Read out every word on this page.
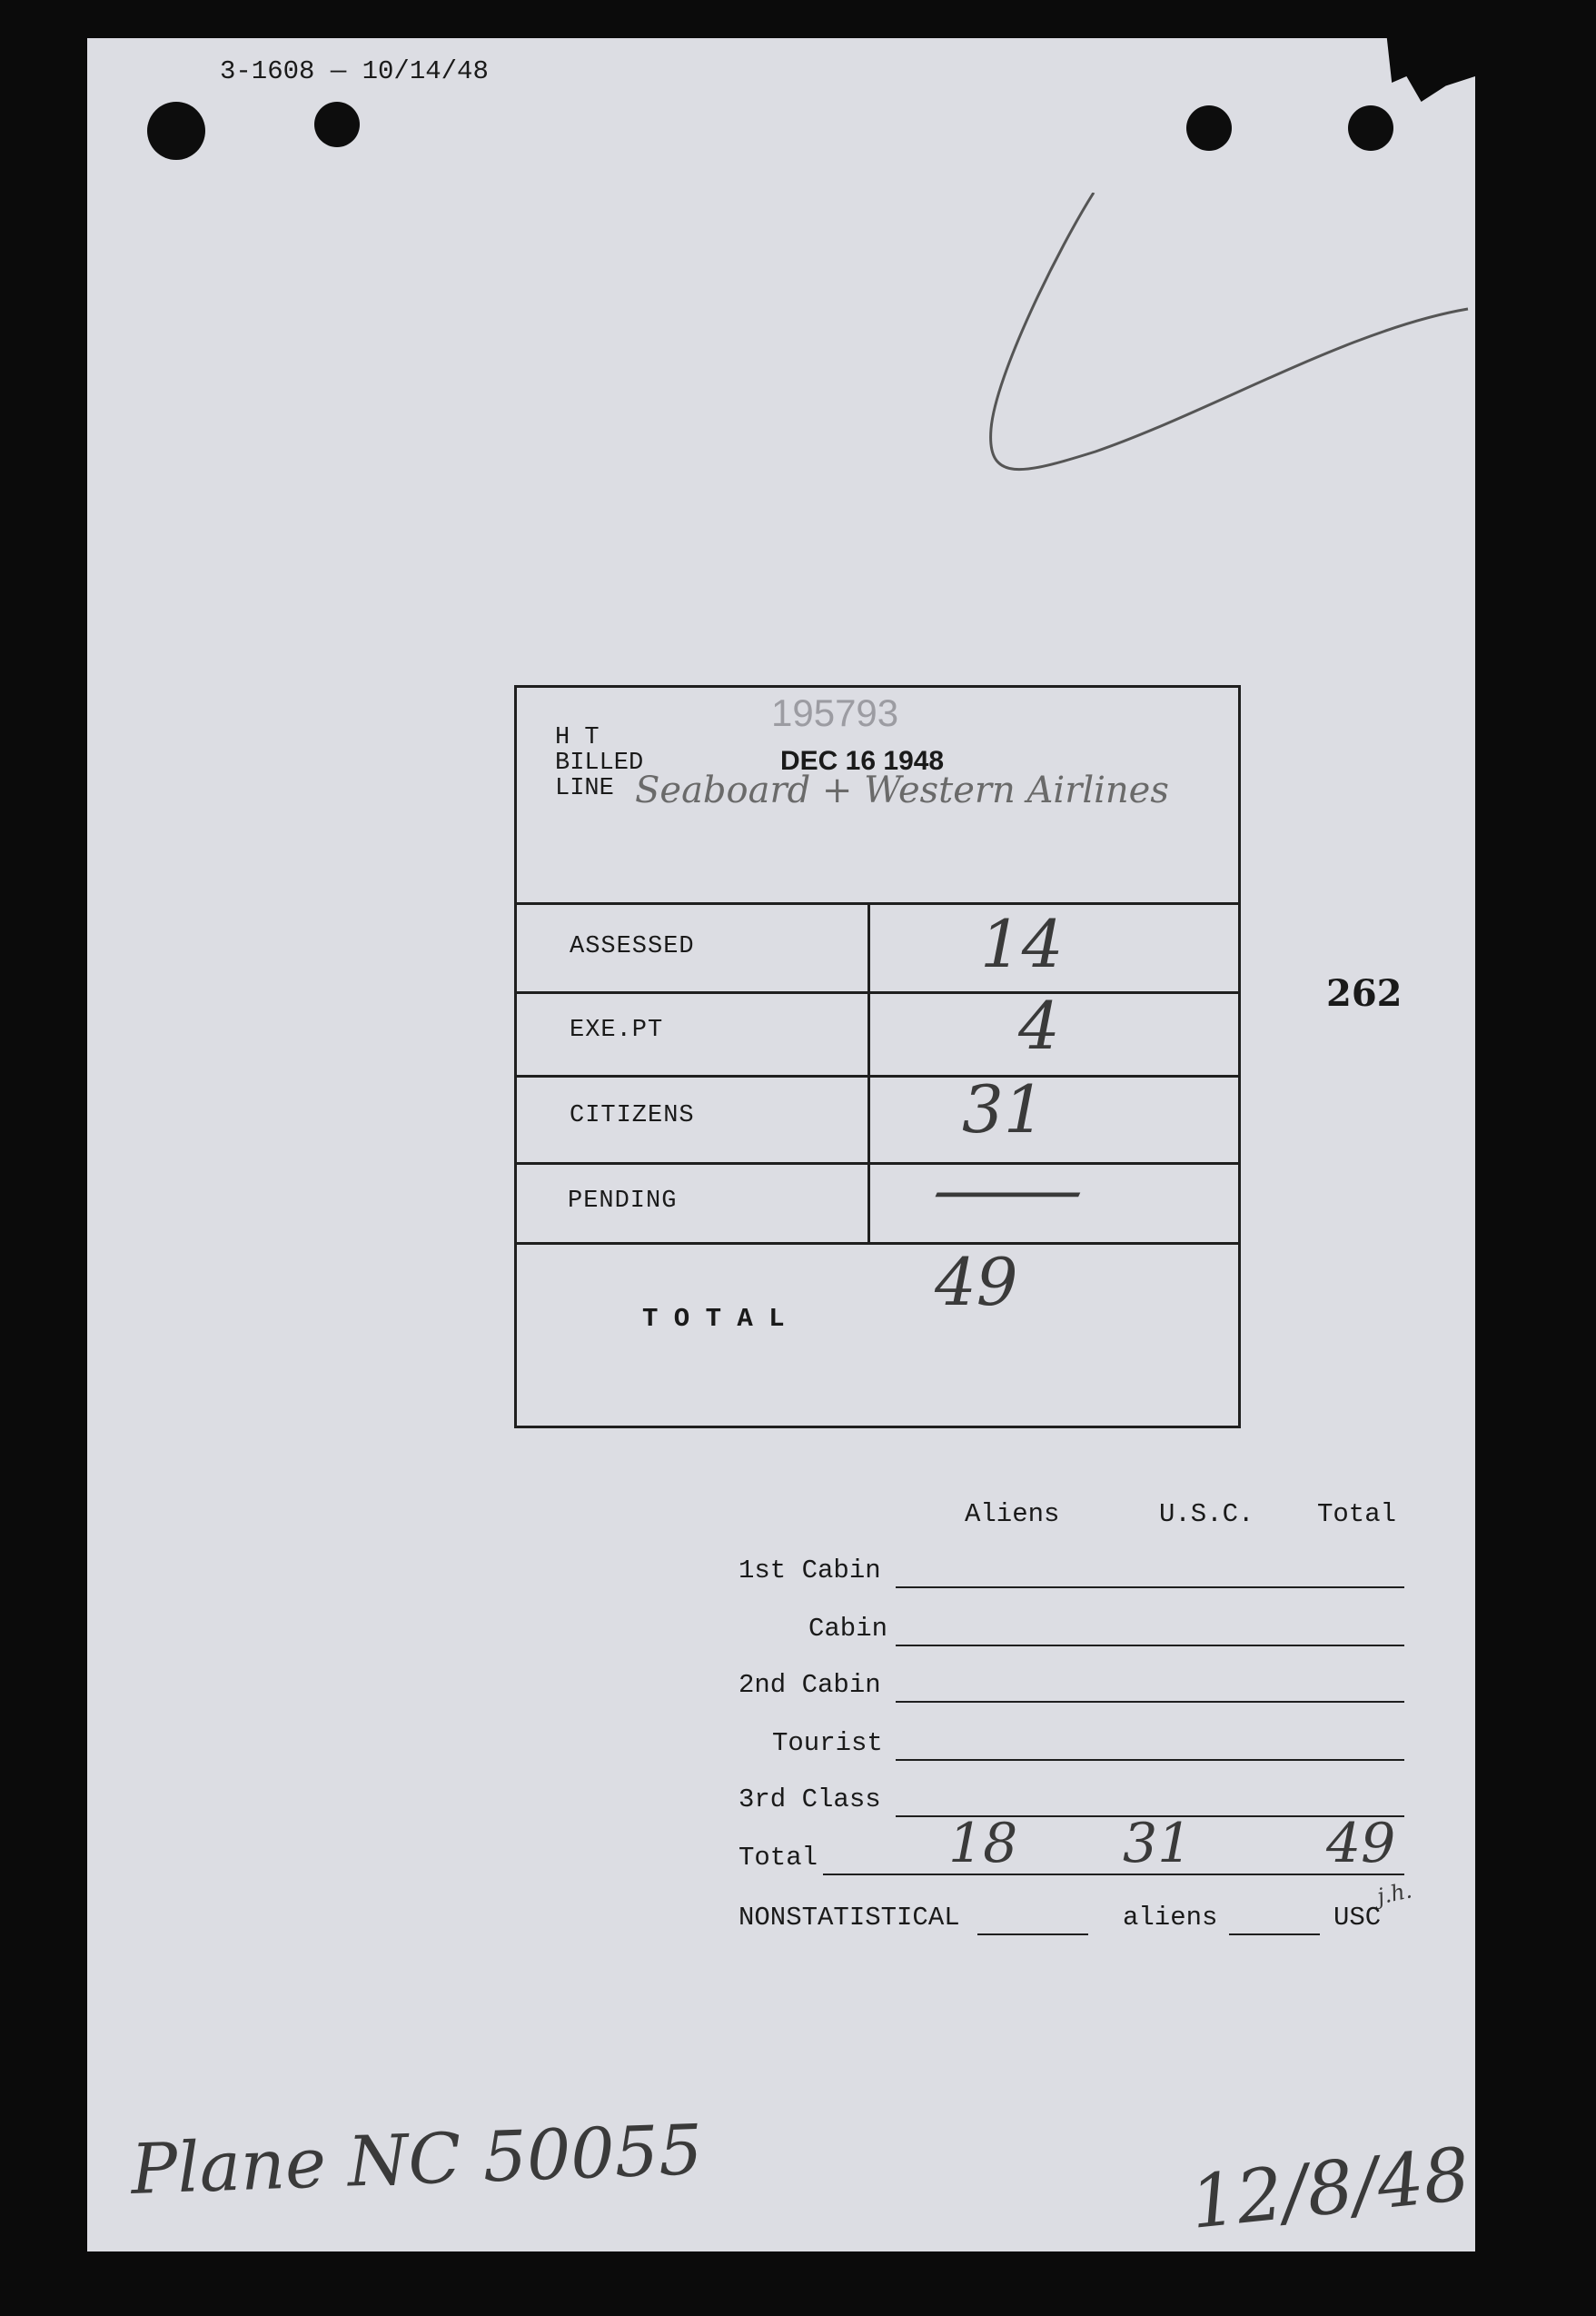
3-1608 — 10/14/48
262
195793
H T
BILLED
LINE
DEC 16 1948
Seaboard + Western Airlines
ASSESSED	14
EXE.PT	4
CITIZENS	31
PENDING	—
T O T A L 49
Aliens	U.S.C. Total
1st Cabin
Cabin
2nd Cabin
Tourist
3rd Class
Total 18 31 49
j.h.
NONSTATISTICAL	aliens	USC
Plane NC 50055	12/8/48
